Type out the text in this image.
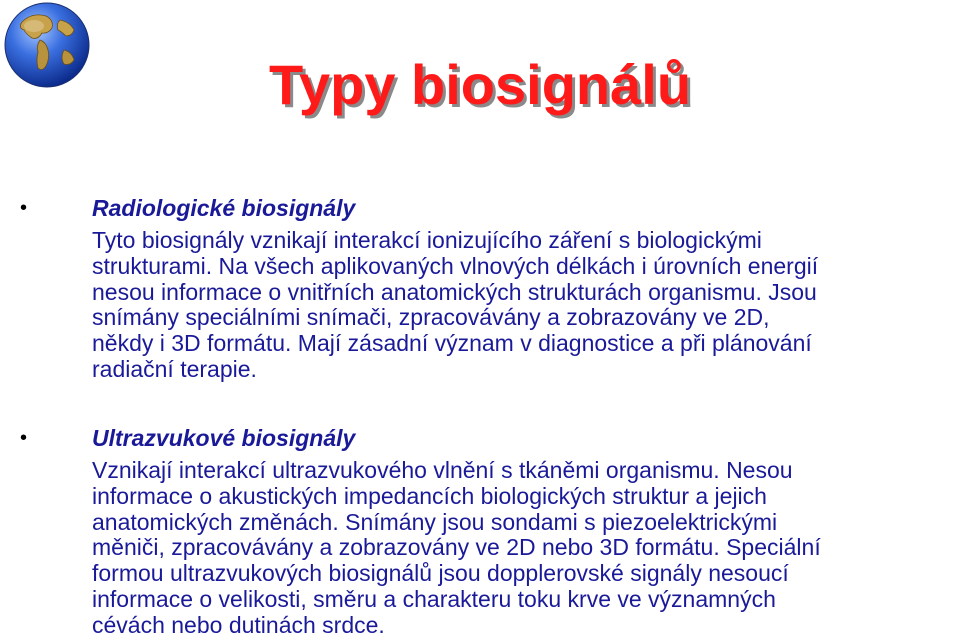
Typy biosignálů
•	Radiologické biosignály
Tyto biosignály vznikají interakcí ionizujícího záření s biologickými
strukturami. Na všech aplikovaných vlnových délkách i úrovních energií
nesou informace o vnitřních anatomických strukturách organismu. Jsou
snímány speciálními snímači, zpracovávány a zobrazovány ve 2D,
někdy i 3D formátu. Mají zásadní význam v diagnostice a při plánování
radiační terapie.
•	Ultrazvukové biosignály
Vznikají interakcí ultrazvukového vlnění s tkáněmi organismu. Nesou
informace o akustických impedancích biologických struktur a jejich
anatomických změnách. Snímány jsou sondami s piezoelektrickými
měniči, zpracovávány a zobrazovány ve 2D nebo 3D formátu. Speciální
formou ultrazvukových biosignálů jsou dopplerovské signály nesoucí
informace o velikosti, směru a charakteru toku krve ve významných
cévách nebo dutinách srdce.
